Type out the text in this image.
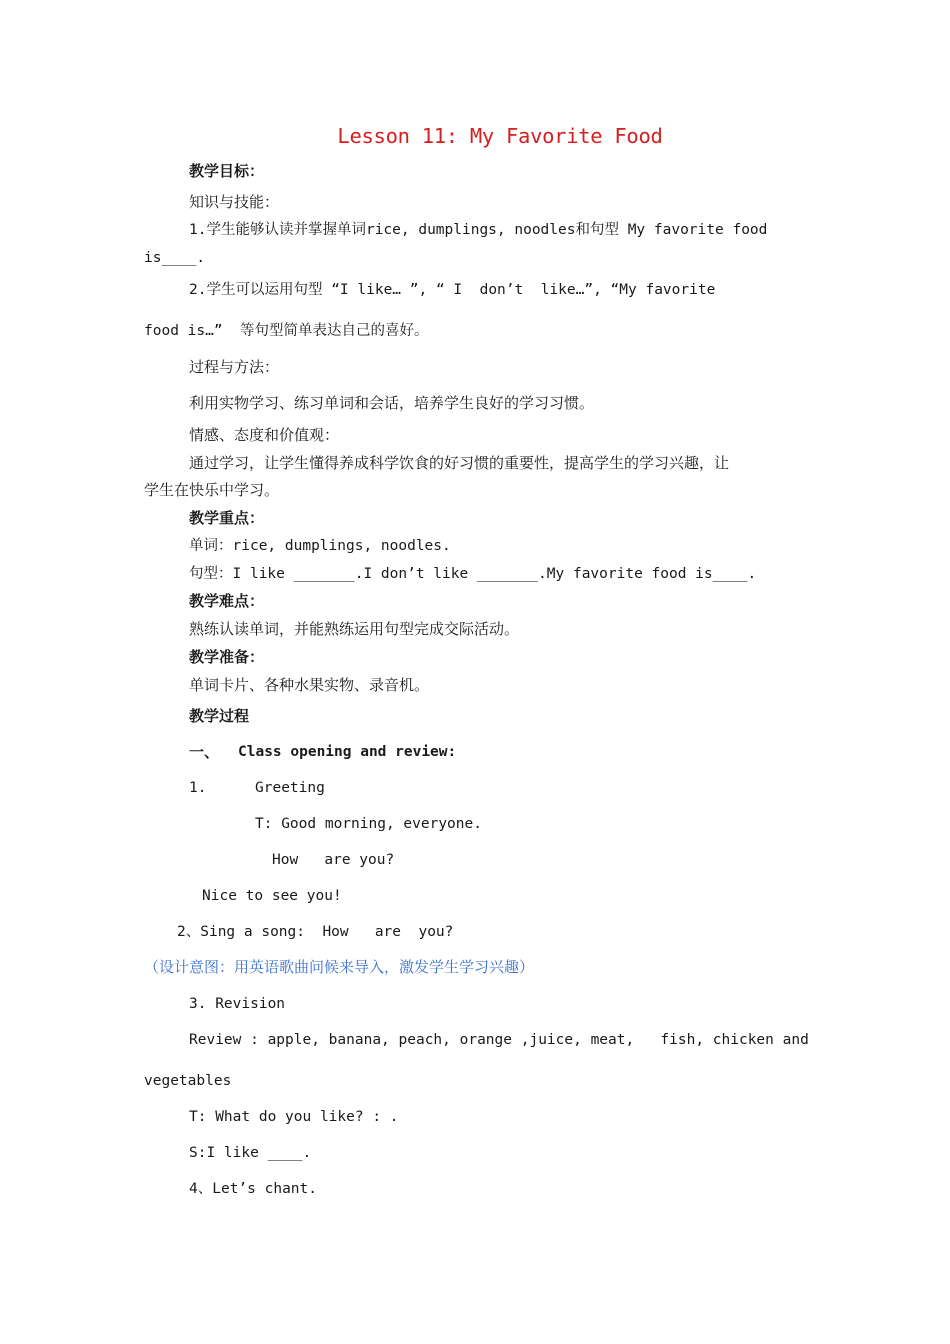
Lesson 11: My Favorite Food
教学目标：
知识与技能：
1.学生能够认读并掌握单词rice, dumplings, noodles和句型 My favorite food
is____.
2.学生可以运用句型 “I like… ”, “ I  don’t  like…”, “My favorite
food is…”  等句型简单表达自己的喜好。
过程与方法：
利用实物学习、练习单词和会话，培养学生良好的学习习惯。
情感、态度和价值观：
通过学习，让学生懂得养成科学饮食的好习惯的重要性，提高学生的学习兴趣，让
学生在快乐中学习。
教学重点：
单词：rice, dumplings, noodles.
句型：I like _______.I don’t like _______.My favorite food is____.
教学难点：
熟练认读单词，并能熟练运用句型完成交际活动。
教学准备：
单词卡片、各种水果实物、录音机。
教学过程
一、 Class opening and review:
1.	Greeting
T: Good morning, everyone.
How   are you?
Nice to see you!
2、Sing a song:  How   are  you?
（设计意图：用英语歌曲问候来导入，激发学生学习兴趣）
3. Revision
Review : apple, banana, peach, orange ,juice, meat,   fish, chicken and
vegetables
T: What do you like? : .
S:I like ____.
4、Let’s chant.
